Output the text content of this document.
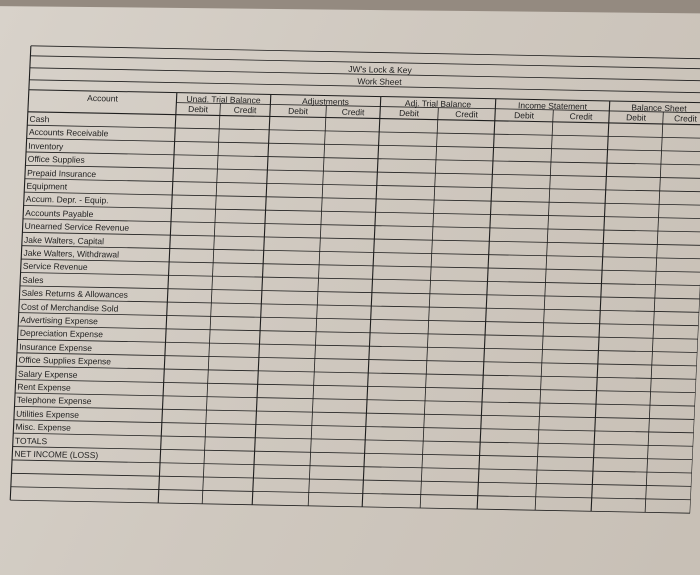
JW's Lock & Key
Work Sheet
Account	Unad. Trial Balance
Debit	Credit
Adjustments
Debit	Credit
Adj. Trial Balance
Debit	Credit
Income Statement
Debit	Credit
Balance Sheet
Debit	Credit
Cash
Accounts Receivable
Inventory
Office Supplies
Prepaid Insurance
Equipment
Accum. Depr. - Equip.
Accounts Payable
Unearned Service Revenue
Jake Walters, Capital
Jake Walters, Withdrawal
Service Revenue
Sales
Sales Returns & Allowances
Cost of Merchandise Sold
Advertising Expense
Depreciation Expense
Insurance Expense
Office Supplies Expense
Salary Expense
Rent Expense
Telephone Expense
Utilities Expense
Misc. Expense
TOTALS
NET INCOME (LOSS)
